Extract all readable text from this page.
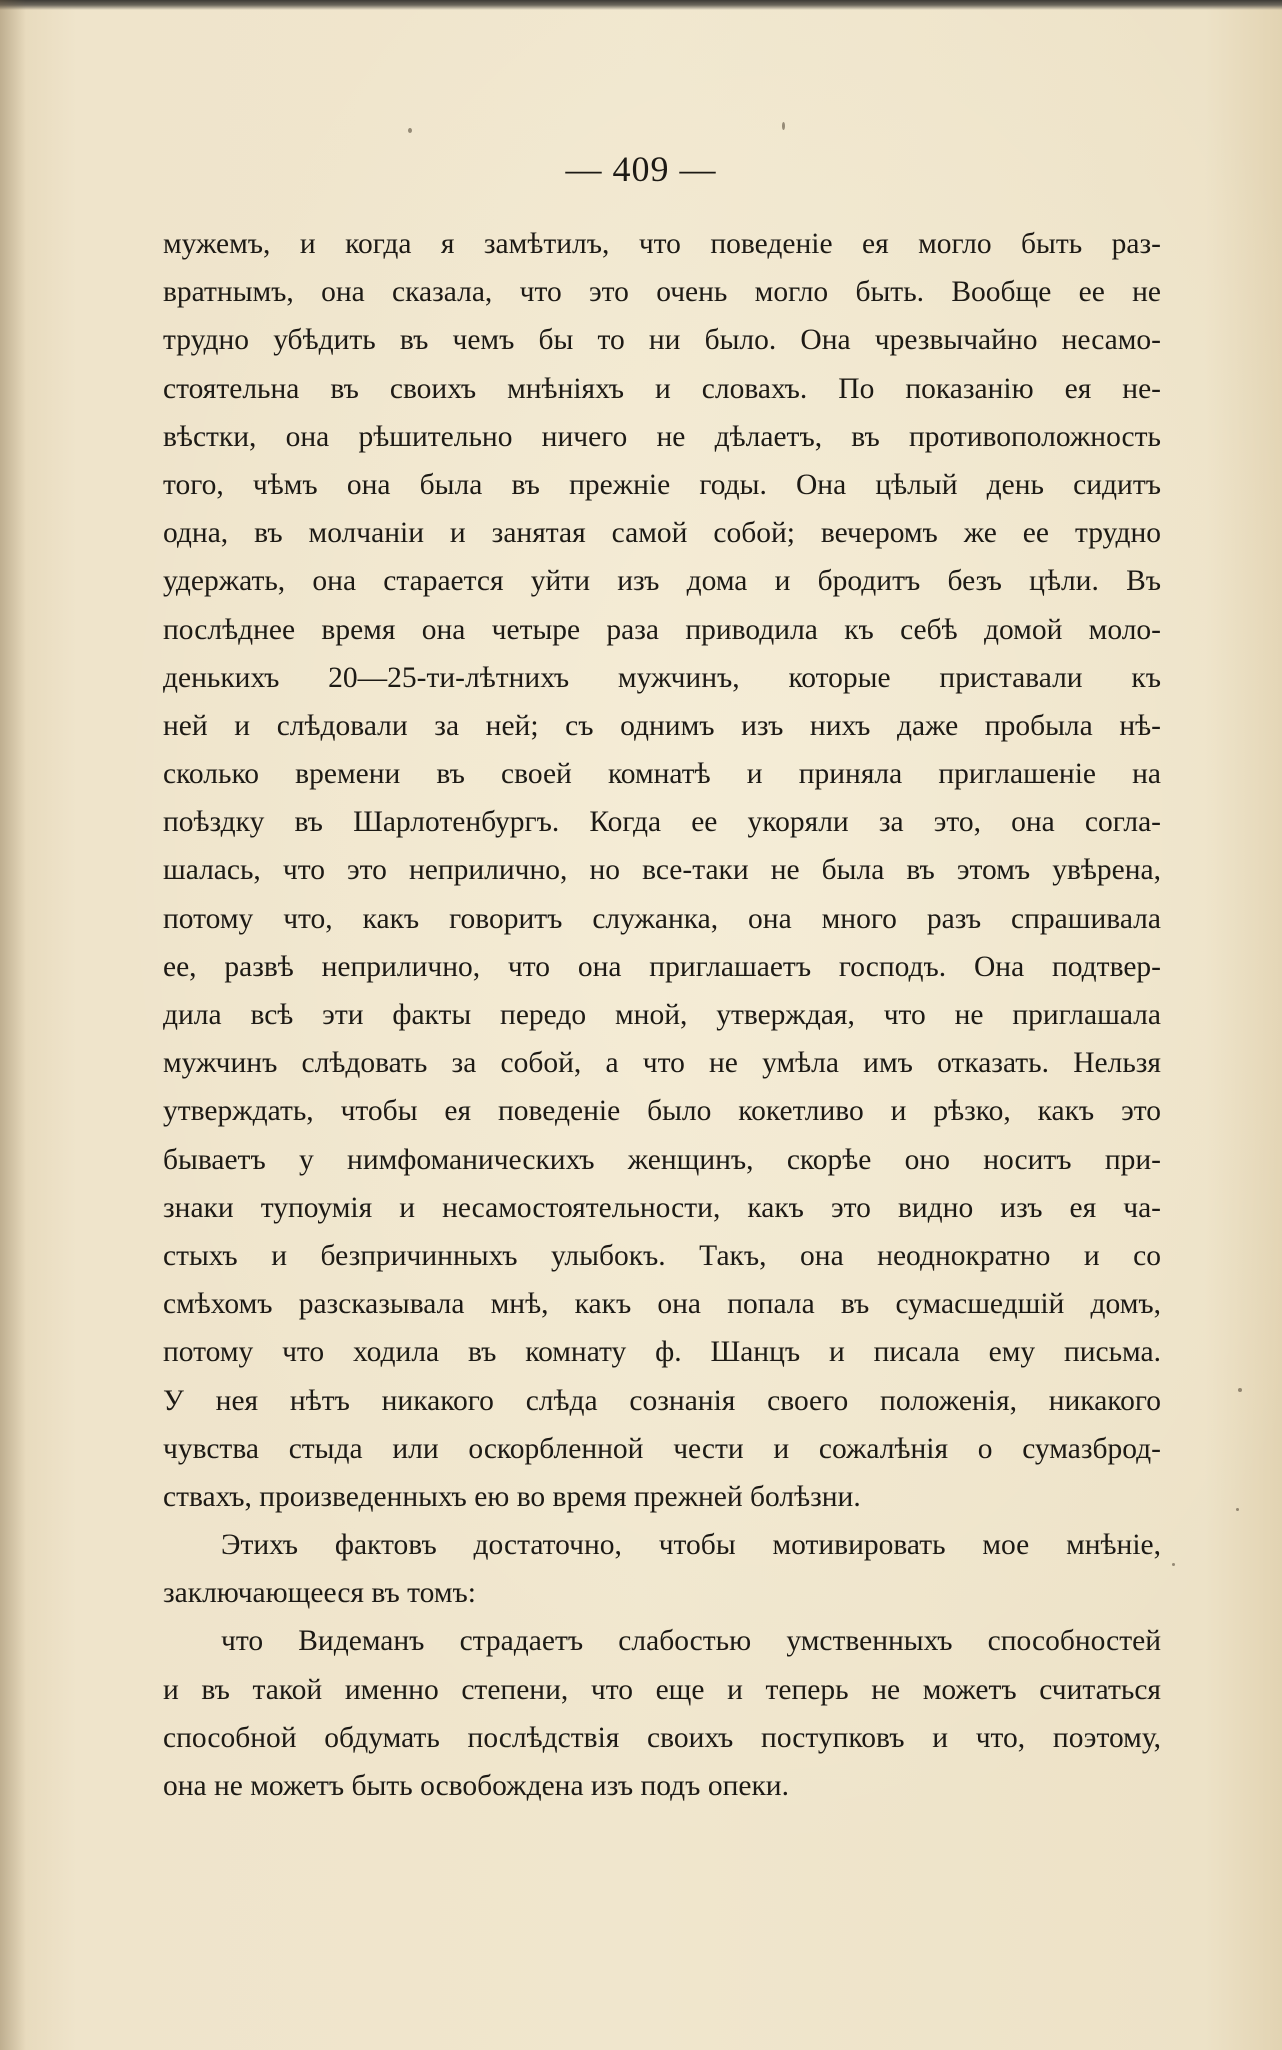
— 409 —
мужемъ, и когда я замѣтилъ, что поведеніе ея могло быть раз-
вратнымъ, она сказала, что это очень могло быть. Вообще ее не
трудно убѣдить въ чемъ бы то ни было. Она чрезвычайно несамо-
стоятельна въ своихъ мнѣніяхъ и словахъ. По показанію ея не-
вѣстки, она рѣшительно ничего не дѣлаетъ, въ противоположность
того, чѣмъ она была въ прежніе годы. Она цѣлый день сидитъ
одна, въ молчаніи и занятая самой собой; вечеромъ же ее трудно
удержать, она старается уйти изъ дома и бродитъ безъ цѣли. Въ
послѣднее время она четыре раза приводила къ себѣ домой моло-
денькихъ 20—25-ти-лѣтнихъ мужчинъ, которые приставали къ
ней и слѣдовали за ней; съ однимъ изъ нихъ даже пробыла нѣ-
сколько времени въ своей комнатѣ и приняла приглашеніе на
поѣздку въ Шарлотенбургъ. Когда ее укоряли за это, она согла-
шалась, что это неприлично, но все-таки не была въ этомъ увѣрена,
потому что, какъ говоритъ служанка, она много разъ спрашивала
ее, развѣ неприлично, что она приглашаетъ господъ. Она подтвер-
дила всѣ эти факты передо мной, утверждая, что не приглашала
мужчинъ слѣдовать за собой, а что не умѣла имъ отказать. Нельзя
утверждать, чтобы ея поведеніе было кокетливо и рѣзко, какъ это
бываетъ у нимфоманическихъ женщинъ, скорѣе оно носитъ при-
знаки тупоумія и несамостоятельности, какъ это видно изъ ея ча-
стыхъ и безпричинныхъ улыбокъ. Такъ, она неоднократно и со
смѣхомъ разсказывала мнѣ, какъ она попала въ сумасшедшій домъ,
потому что ходила въ комнату ф. Шанцъ и писала ему письма.
У нея нѣтъ никакого слѣда сознанія своего положенія, никакого
чувства стыда или оскорбленной чести и сожалѣнія о сумазброд-
ствахъ, произведенныхъ ею во время прежней болѣзни.
Этихъ фактовъ достаточно, чтобы мотивировать мое мнѣніе,
заключающееся въ томъ:
что Видеманъ страдаетъ слабостью умственныхъ способностей
и въ такой именно степени, что еще и теперь не можетъ считаться
способной обдумать послѣдствія своихъ поступковъ и что, поэтому,
она не можетъ быть освобождена изъ подъ опеки.
